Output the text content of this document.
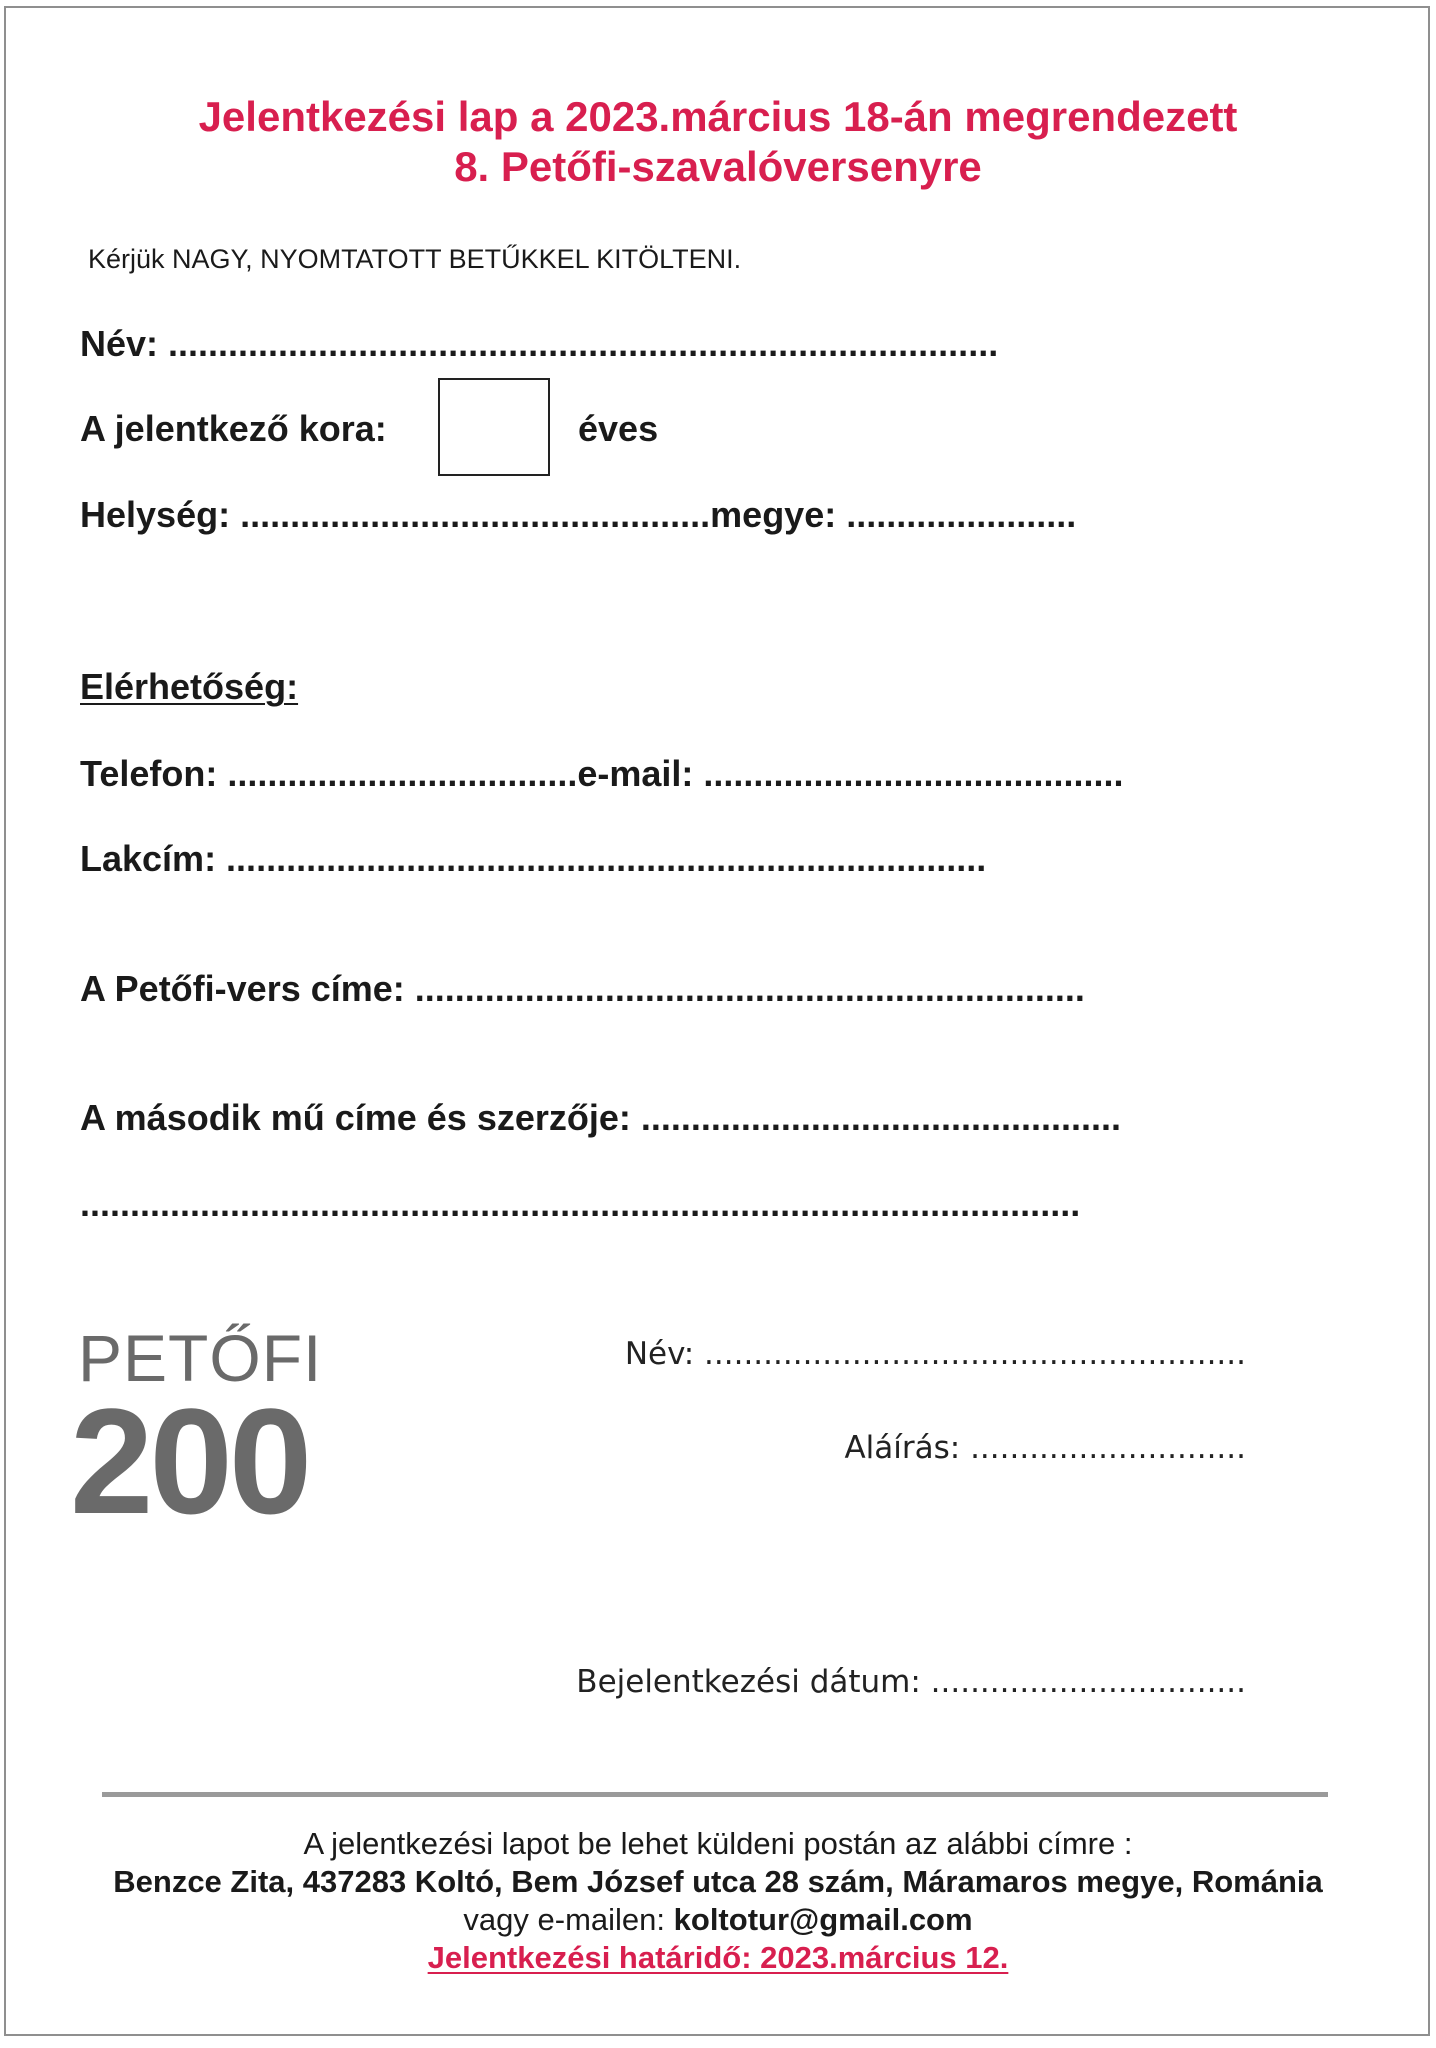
Jelentkezési lap a 2023.március 18-án megrendezett
8. Petőfi-szavalóversenyre
Kérjük NAGY, NYOMTATOTT BETŰKKEL KITÖLTENI.
Név: ...................................................................................
A jelentkező kora:	éves
Helység: ...............................................megye: .......................
Elérhetőség:
Telefon: ...................................e-mail: ..........................................
Lakcím: ............................................................................
A Petőfi-vers címe: ...................................................................
A második mű címe és szerzője: ................................................
....................................................................................................
PETŐFI
200
Név: .......................................................
Aláírás: ............................
Bejelentkezési dátum: ................................
A jelentkezési lapot be lehet küldeni postán az alábbi címre :
Benzce Zita, 437283 Koltó, Bem József utca 28 szám, Máramaros megye, Románia
vagy e-mailen: koltotur@gmail.com
Jelentkezési határidő: 2023.március 12.
